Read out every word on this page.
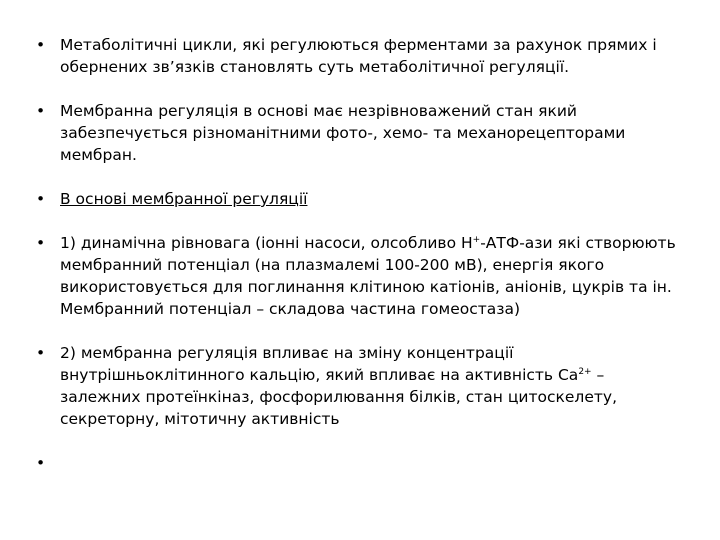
• Метаболітичні цикли, які регулюються ферментами за рахунок прямих і обернених зв’язків становлять суть метаболітичної регуляції.
• Мембранна регуляція в основі має незрівноважений стан який забезпечується різноманітними фото-, хемо- та механорецепторами мембран.
• В основі мембранної регуляції
• 1) динамічна рівновага (іонні насоси, олсобливо Н+-АТФ-ази які створюють мембранний потенціал (на плазмалемі 100-200 мВ), енергія якого використовується для поглинання клітиною катіонів, аніонів, цукрів та ін. Мембранний потенціал – складова частина гомеостаза)
• 2) мембранна регуляція впливає на зміну концентрації внутрішньоклітинного кальцію, який впливає на активність $Са^{2+}$ – залежних протеїнкіназ, фосфорилювання білків, стан цитоскелету, секреторну, мітотичну активність
•
